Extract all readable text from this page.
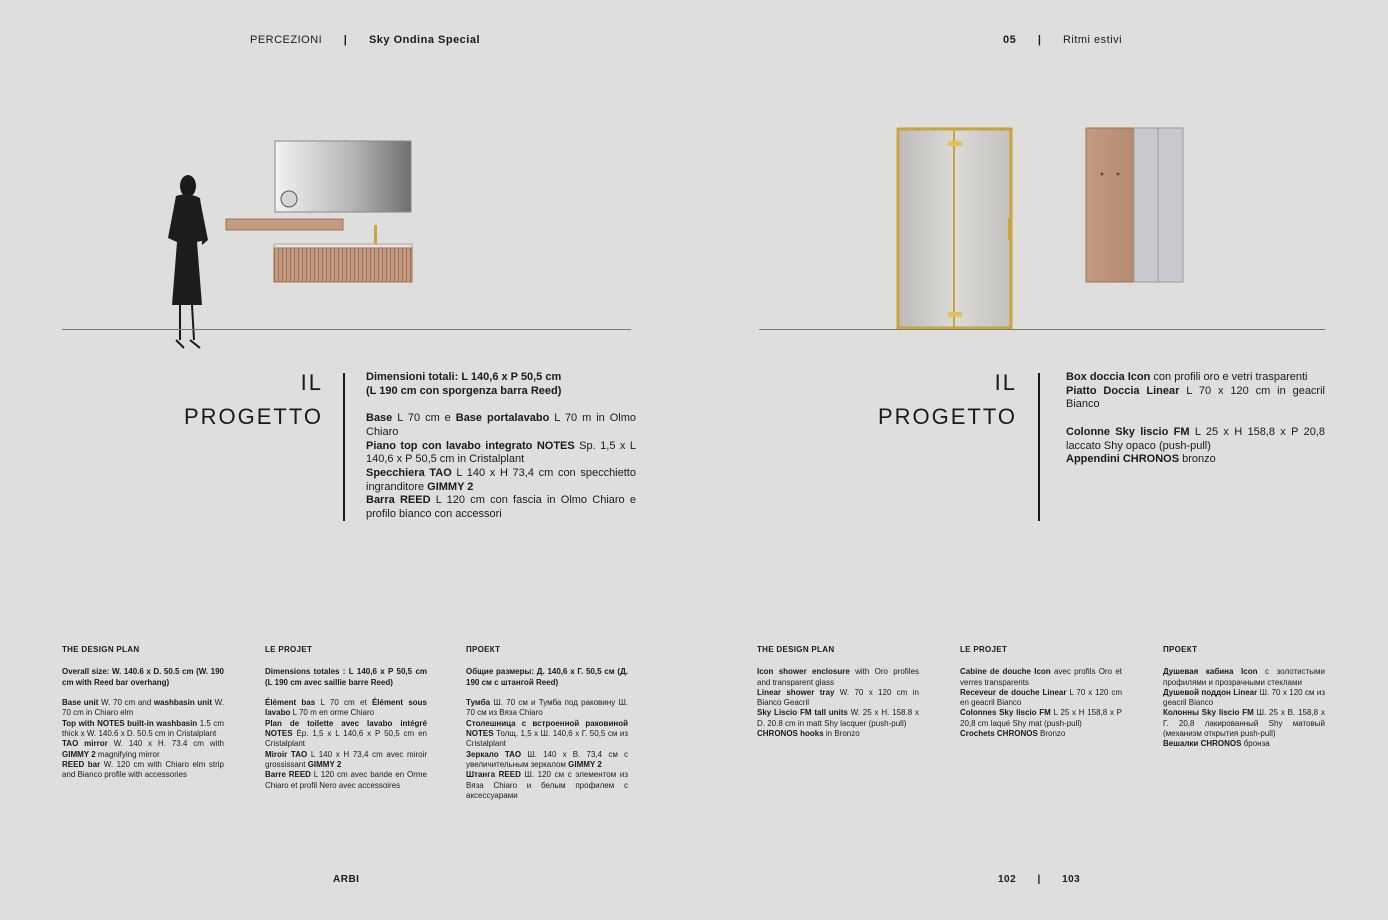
PERCEZIONI | Sky Ondina Special	05 | Ritmi estivi
IL
PROGETTO

Dimensioni totali: L 140,6 x P 50,5 cm

(L 190 cm con sporgenza barra Reed)

Base L 70 cm e Base portalavabo L 70 m in Olmo Chiaro

Piano top con lavabo integrato NOTES Sp. 1,5 x L 140,6 x P 50,5 cm in Cristalplant

Specchiera TAO L 140 x H 73,4 cm con specchietto ingranditore GIMMY 2

Barra REED L 120 cm con fascia in Olmo Chiaro e profilo bianco con accessori

IL
PROGETTO

Box doccia Icon con profili oro e vetri trasparenti

Piatto Doccia Linear L 70 x 120 cm in geacril Bianco

Colonne Sky liscio FM L 25 x H 158,8 x P 20,8 laccato Shy opaco (push-pull)

Appendini CHRONOS bronzo

THE DESIGN PLAN

Overall size: W. 140.6 x D. 50.5 cm (W. 190 cm with Reed bar overhang)

Base unit W. 70 cm and washbasin unit W. 70 cm in Chiaro elm

Top with NOTES built-in washbasin 1.5 cm thick x W. 140.6 x D. 50.5 cm in Cristalplant

TAO mirror W. 140 x H. 73.4 cm with GIMMY 2 magnifying mirror

REED bar W. 120 cm with Chiaro elm strip and Bianco profile with accessories

LE PROJET

Dimensions totales : L 140,6 x P 50,5 cm (L 190 cm avec saillie barre Reed)

Élément bas L 70 cm et Élément sous lavabo L 70 m en orme Chiaro

Plan de toilette avec lavabo intégré NOTES Ép. 1,5 x L 140,6 x P 50,5 cm en Cristalplant

Miroir TAO L 140 x H 73,4 cm avec miroir grossissant GIMMY 2

Barre REED L 120 cm avec bande en Orme Chiaro et profil Nero avec accessoires

ПРОЕКТ

Общие размеры: Д. 140,6 x Г. 50,5 см (Д. 190 см с штангой Reed)

Тумба Ш. 70 см и Тумба под раковину Ш. 70 см из Вяза Chiaro

Столешница с встроенной раковиной NOTES Толщ. 1,5 x Ш. 140,6 x Г. 50,5 см из Cristalplant

Зеркало TAO Ш. 140 x В. 73,4 см с увеличительным зеркалом GIMMY 2

Штанга REED Ш. 120 см с элементом из Вяза Chiaro и белым профилем с аксессуарами

THE DESIGN PLAN

Icon shower enclosure with Oro profiles and transparent glass

Linear shower tray W. 70 x 120 cm in Bianco Geacril

Sky Liscio FM tall units W. 25 x H. 158.8 x D. 20.8 cm in matt Shy lacquer (push-pull)

CHRONOS hooks in Bronzo

LE PROJET

Cabine de douche Icon avec profils Oro et verres transparents

Receveur de douche Linear L 70 x 120 cm en geacril Bianco

Colonnes Sky liscio FM L 25 x H 158,8 x P 20,8 cm laqué Shy mat (push-pull)

Crochets CHRONOS Bronzo

ПРОЕКТ

Душевая кабина Icon с золотистыми профилями и прозрачными стеклами

Душевой поддон Linear Ш. 70 x 120 см из geacril Bianco

Колонны Sky liscio FM Ш. 25 x В. 158,8 x Г. 20,8 лакированный Shy матовый (механизм открытия push-pull)

Вешалки CHRONOS бронза

ARBI	102 | 103
